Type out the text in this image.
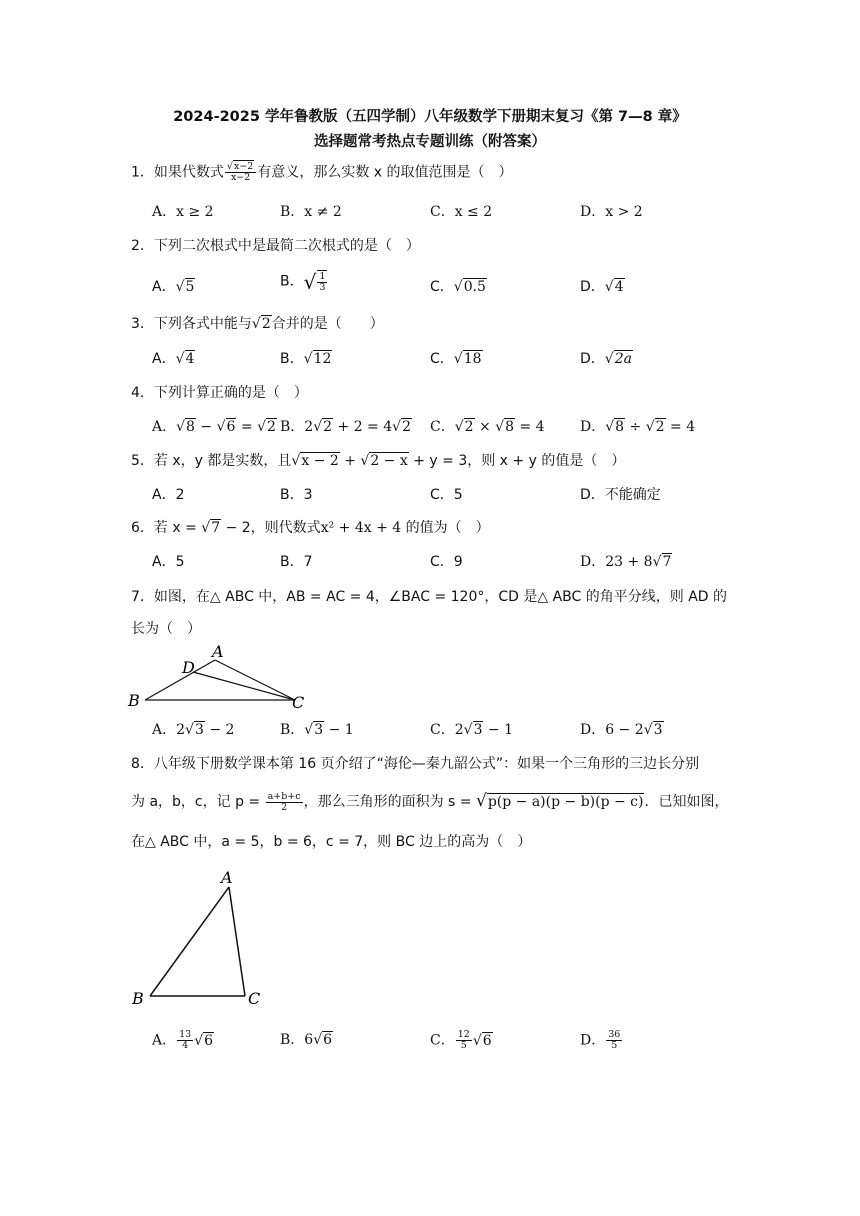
2024-2025 学年鲁教版（五四学制）八年级数学下册期末复习《第 7—8 章》
选择题常考热点专题训练（附答案）
1．如果代数式 $\frac{√x-2}{x-2}$ 有意义，那么实数 x 的取值范围是（　）
A．x ≥ 2	B．x ≠ 2	C．x ≤ 2	D．x > 2
2．下列二次根式中是最简二次根式的是（　）
A．√5	B．√ $\frac{1}{3}$	C．√0.5	D．√4
3．下列各式中能与√2合并的是（　　）
A．√4	B．√12	C．√18	D．√2a
4．下列计算正确的是（　）
A．√8 − √6 = √2 B．2√2 + 2 = 4√2 C．√2 × √8 = 4	D．√8 ÷ √2 = 4
5．若 x，y 都是实数，且√x − 2 + √2 − x + y = 3，则 x + y 的值是（　）
A．2	B．3	C．5	D．不能确定
6．若 x = √7 − 2，则代数式x² + 4x + 4 的值为（　）
A．5	B．7	C．9	D．23 + 8√7
7．如图，在△ ABC 中，AB = AC = 4，∠BAC = 120°，CD 是△ ABC 的角平分线，则 AD 的
长为（　）
B
A
D
C
A．2√3 − 2	B．√3 − 1	C．2√3 − 1	D．6 − 2√3
8．八年级下册数学课本第 16 页介绍了“海伦—秦九韶公式”：如果一个三角形的三边长分别
为 a，b，c，记 $p = \frac{a+b+c}{2}$ ，那么三角形的面积为 s = √p(p − a)(p − b)(p − c)．已知如图，
在△ ABC 中，a = 5，b = 6，c = 7，则 BC 边上的高为（　）
A
B	C
A． $\frac{13}{4} √6$	B．6√6	C． $\frac{12}{5} √6$	D． $\frac{36}{5}$
